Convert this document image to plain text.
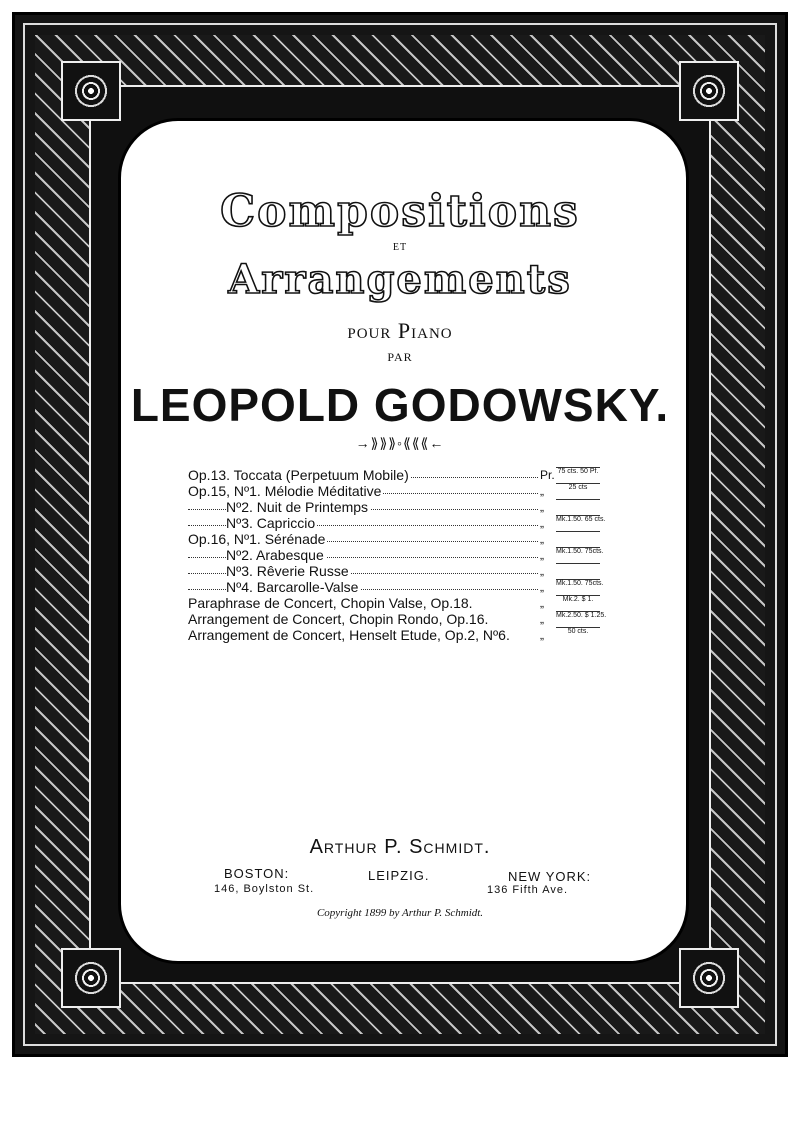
Compositions
ET
Arrangements
pour Piano
PAR
LEOPOLD GODOWSKY.
→⟫⟫⟫◦⟪⟪⟪←
Op.13. Toccata (Perpetuum Mobile)	Pr. 75 cts. 50 Pf.
Op.15, Nº1. Mélodie Méditative	„	25 cts
Nº2. Nuit de Printemps	„
Nº3. Capriccio	„ Mk.1.50. 65 cts.
Op.16, Nº1. Sérénade	„
Nº2. Arabesque	„ Mk.1.50. 75cts.
Nº3. Rêverie Russe	„
Nº4. Barcarolle-Valse	„ Mk.1.50. 75cts.
Paraphrase de Concert, Chopin Valse, Op.18.	„	Mk.2. $ 1.
Arrangement de Concert, Chopin Rondo, Op.16.	„ Mk.2.50. $ 1.25.
Arrangement de Concert, Henselt Etude, Op.2, Nº6.	„	50 cts.
Arthur P. Schmidt.
BOSTON:
146, Boylston St.
LEIPZIG.	NEW YORK:
136 Fifth Ave.
Copyright 1899 by Arthur P. Schmidt.
